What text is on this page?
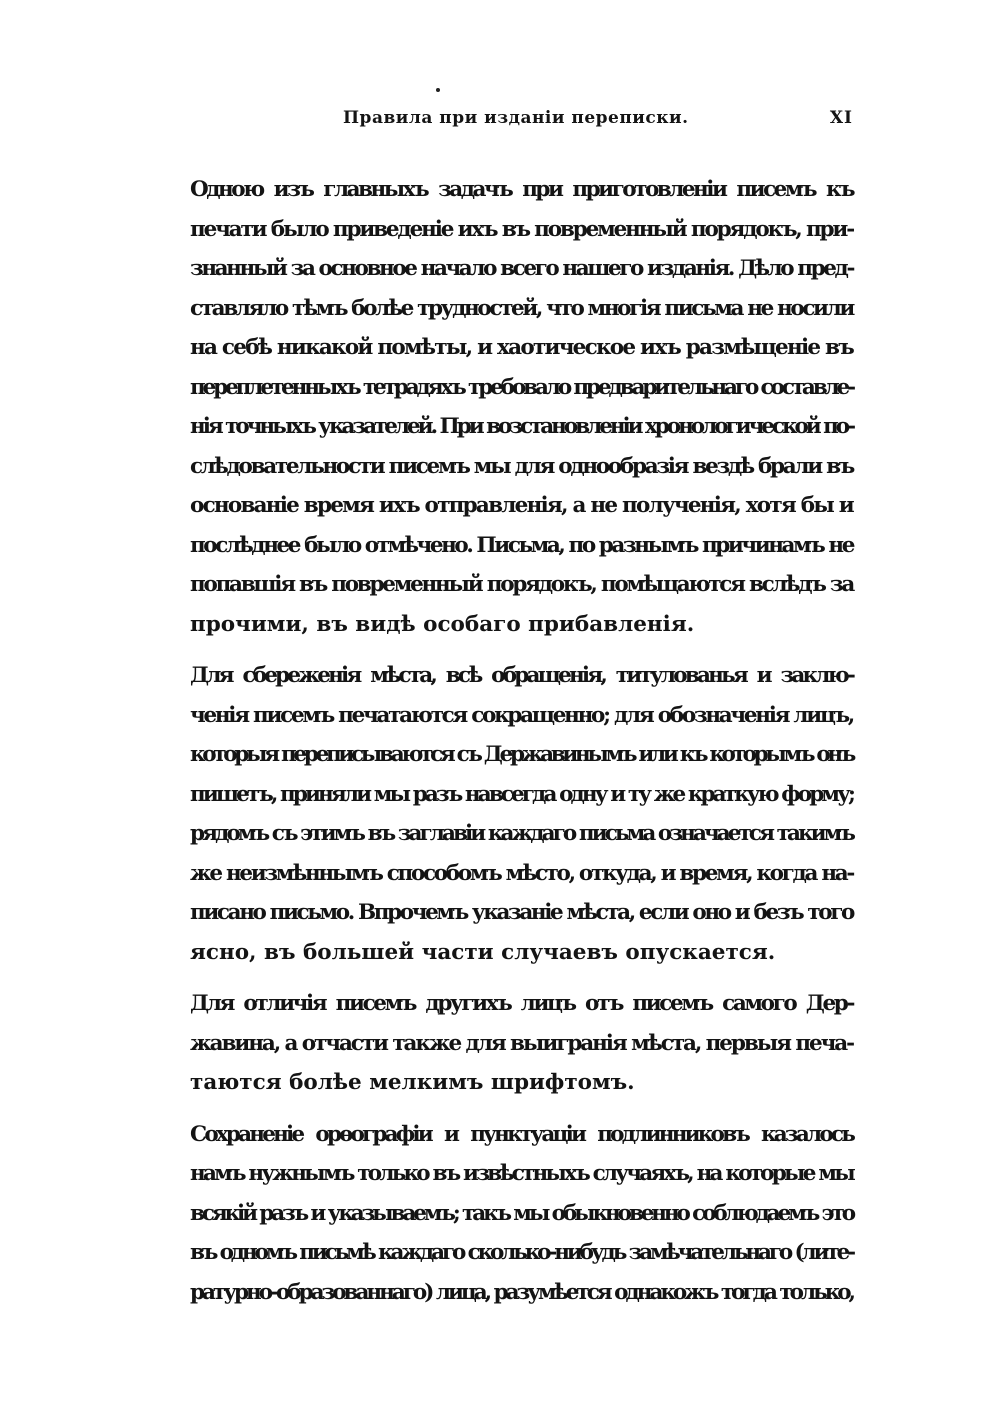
Правила при изданіи переписки.	XI

Одною изъ главныхъ задачъ при приготовленіи писемъ къ
печати было приведеніе ихъ въ повременный порядокъ, при-
знанный за основное начало всего нашего изданія. Дѣло пред-
ставляло тѣмъ болѣе трудностей, что многія письма не носили
на себѣ никакой помѣты, и хаотическое ихъ размѣщеніе въ
переплетенныхъ тетрадяхъ требовало предварительнаго составле-
нія точныхъ указателей. При возстановленіи хронологической по-
слѣдовательности писемъ мы для однообразія вездѣ брали въ
основаніе время ихъ отправленія, а не полученія, хотя бы и
послѣднее было отмѣчено. Письма, по разнымъ причинамъ не
попавшія въ повременный порядокъ, помѣщаются вслѣдъ за
прочими, въ видѣ особаго прибавленія.

Для сбереженія мѣста, всѣ обращенія, титулованья и заклю-
ченія писемъ печатаются сокращенно; для обозначенія лицъ,
которыя переписываются съ Державинымъ или къ которымъ онъ
пишетъ, приняли мы разъ навсегда одну и ту же краткую форму;
рядомъ съ этимъ въ заглавіи каждаго письма означается такимъ
же неизмѣннымъ способомъ мѣсто, откуда, и время, когда на-
писано письмо. Впрочемъ указаніе мѣста, если оно и безъ того
ясно, въ большей части случаевъ опускается.

Для отличія писемъ другихъ лицъ отъ писемъ самого Дер-
жавина, а отчасти также для выигранія мѣста, первыя печа-
таются болѣе мелкимъ шрифтомъ.

Сохраненіе орѳографіи и пунктуаціи подлинниковъ казалось
намъ нужнымъ только въ извѣстныхъ случаяхъ, на которые мы
всякій разъ и указываемъ; такъ мы обыкновенно соблюдаемъ это
въ одномъ письмѣ каждаго сколько-нибудь замѣчательнаго (лите-
ратурно-образованнаго) лица, разумѣется однакожъ тогда только,
